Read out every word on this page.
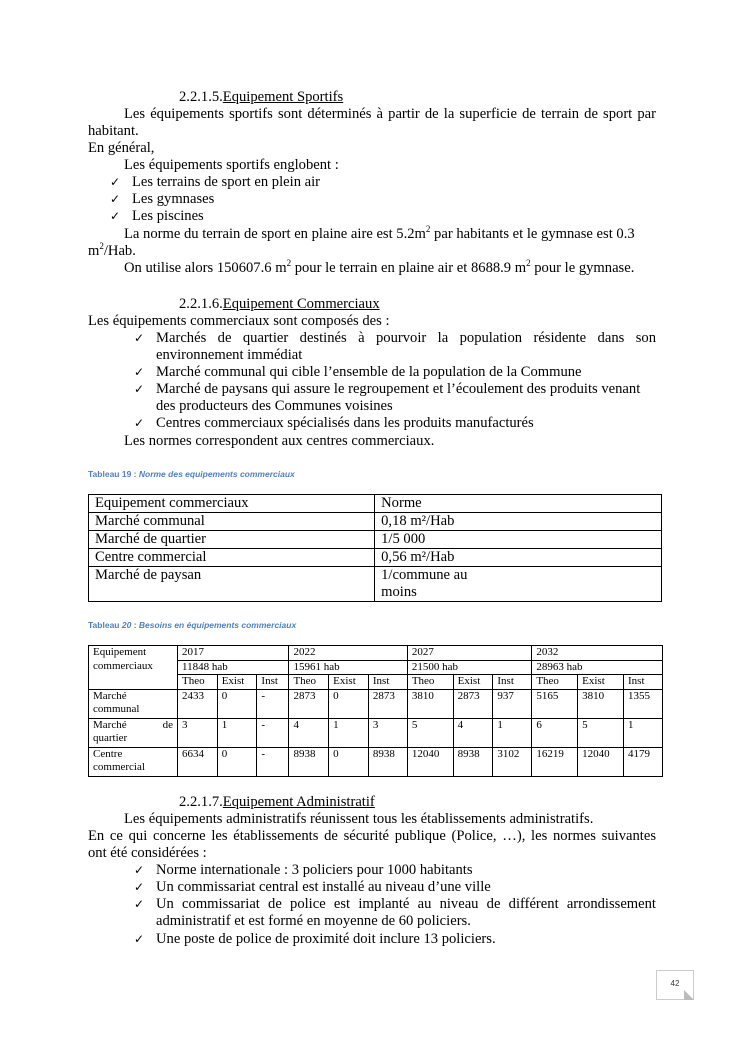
2.2.1.5.Equipement Sportifs
Les équipements sportifs sont déterminés à partir de la superficie de terrain de sport par
habitant.
En général,
Les équipements sportifs englobent :
✓ Les terrains de sport en plein air
✓ Les gymnases
✓ Les piscines
La norme du terrain de sport en plaine aire est $5.2m^2$ par habitants et le gymnase est 0.3
$m^2$/Hab.
On utilise alors 150607.6 $m^2$ pour le terrain en plaine air et 8688.9 $m^2$ pour le gymnase.
2.2.1.6.Equipement Commerciaux
Les équipements commerciaux sont composés des :
✓ Marchés de quartier destinés à pourvoir la population résidente dans son
environnement immédiat
✓ Marché communal qui cible l’ensemble de la population de la Commune
✓ Marché de paysans qui assure le regroupement et l’écoulement des produits venant
des producteurs des Communes voisines
✓ Centres commerciaux spécialisés dans les produits manufacturés
Les normes correspondent aux centres commerciaux.
Tableau 19 : Norme des equipements commerciaux
Equipement commerciaux	Norme
Marché communal	0,18 m²/Hab
Marché de quartier	1/5 000
Centre commercial	0,56 m²/Hab
Marché de paysan	1/commune au moins
Tableau 20 : Besoins en équipements commerciaux
Equipement commerciaux	2017			2022			2027			2032		
	11848 hab			15961 hab			21500 hab			28963 hab		
	Theo	Exist	Inst	Theo	Exist	Inst	Theo	Exist	Inst	Theo	Exist	Inst
Marché communal	2433	0	-	2873	0	2873	3810	2873	937	5165	3810	1355
Marché de quartier	3	1	-	4	1	3	5	4	1	6	5	1
Centre commercial	6634	0	-	8938	0	8938	12040	8938	3102	16219	12040	4179
2.2.1.7.Equipement Administratif
Les équipements administratifs réunissent tous les établissements administratifs.
En ce qui concerne les établissements de sécurité publique (Police, …), les normes suivantes
ont été considérées :
✓ Norme internationale : 3 policiers pour 1000 habitants
✓ Un commissariat central est installé au niveau d’une ville
✓ Un commissariat de police est implanté au niveau de différent arrondissement
administratif et est formé en moyenne de 60 policiers.
✓ Une poste de police de proximité doit inclure 13 policiers.
42
